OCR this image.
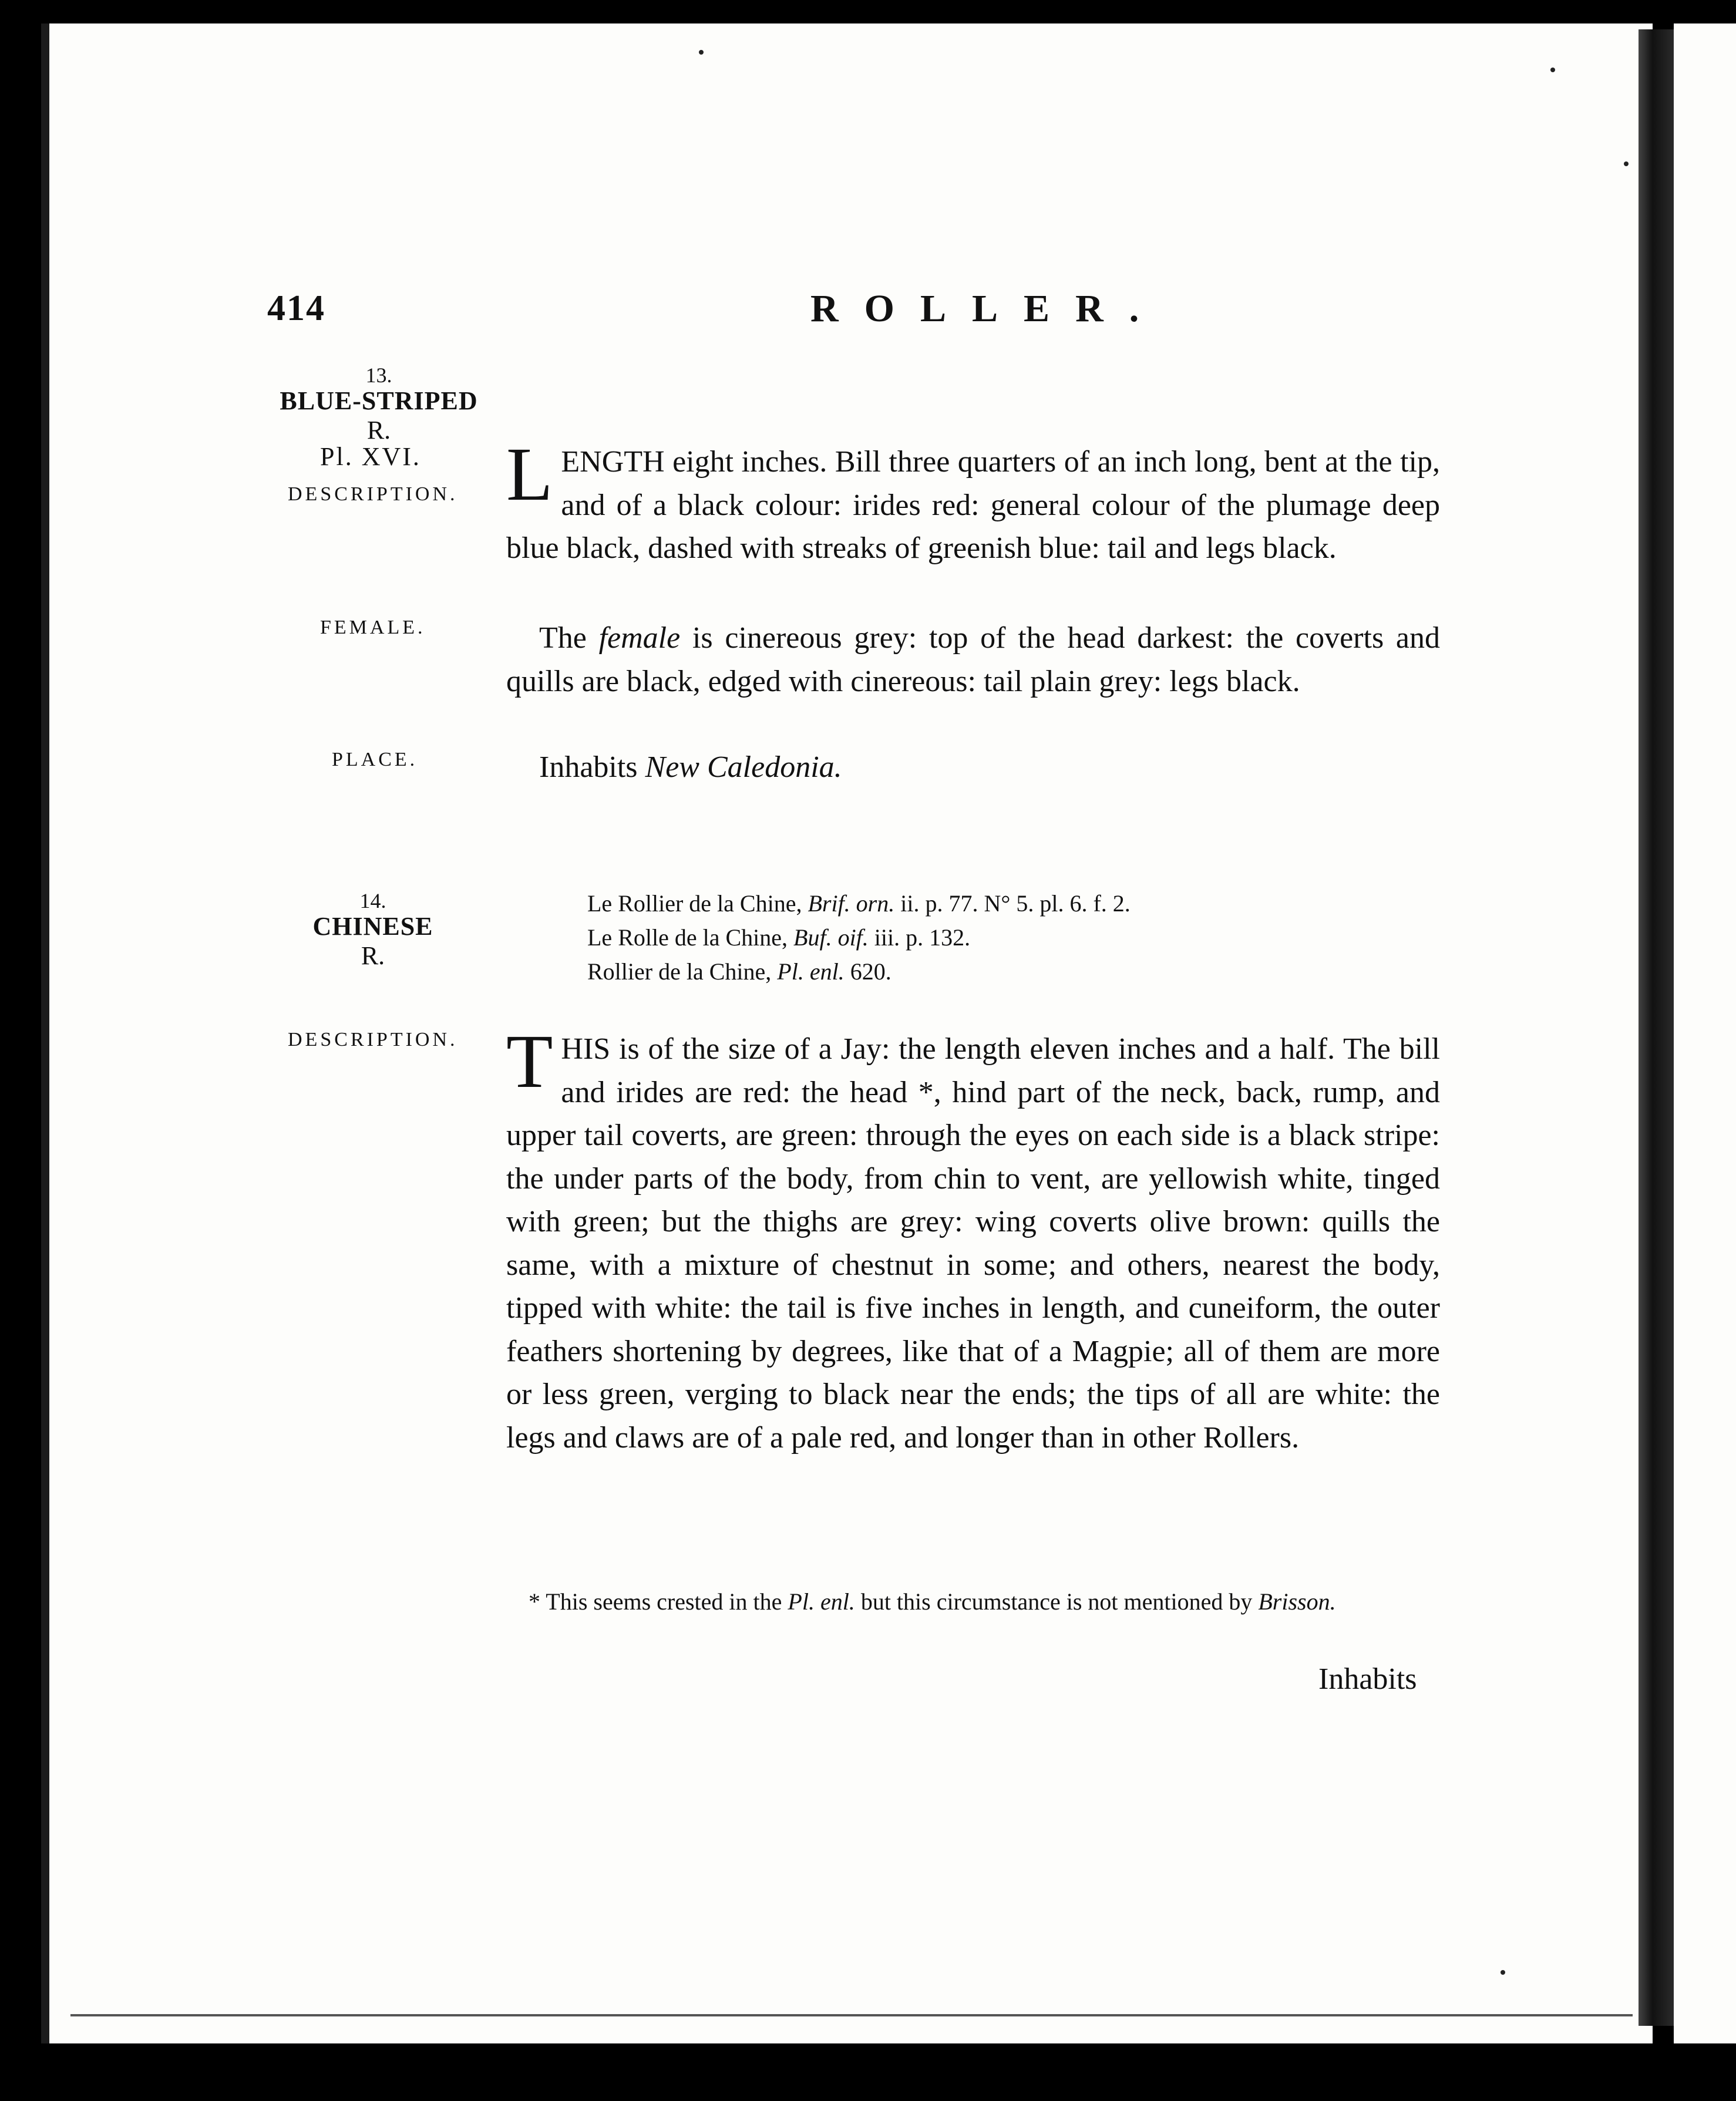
414	ROLLER.
13.
BLUE-STRIPED
R.
Pl. XVI.
DESCRIPTION.
FEMALE.
PLACE.

LENGTH eight inches. Bill three quarters of an inch long, bent at the tip, and of a black colour: irides red: general colour of the plumage deep blue black, dashed with streaks of greenish blue: tail and legs black.

The female is cinereous grey: top of the head darkest: the coverts and quills are black, edged with cinereous: tail plain grey: legs black.
Inhabits New Caledonia.
14.
CHINESE
R.
DESCRIPTION.
Le Rollier de la Chine, Brif. orn. ii. p. 77. N° 5. pl. 6. f. 2.
Le Rolle de la Chine, Buf. oif. iii. p. 132.
Rollier de la Chine, Pl. enl. 620.

THIS is of the size of a Jay: the length eleven inches and a half. The bill and irides are red: the head *, hind part of the neck, back, rump, and upper tail coverts, are green: through the eyes on each side is a black stripe: the under parts of the body, from chin to vent, are yellowish white, tinged with green; but the thighs are grey: wing coverts olive brown: quills the same, with a mixture of chestnut in some; and others, nearest the body, tipped with white: the tail is five inches in length, and cuneiform, the outer feathers shortening by degrees, like that of a Magpie; all of them are more or less green, verging to black near the ends; the tips of all are white: the legs and claws are of a pale red, and longer than in other Rollers.

* This seems crested in the Pl. enl. but this circumstance is not mentioned by Brisson.
Inhabits
